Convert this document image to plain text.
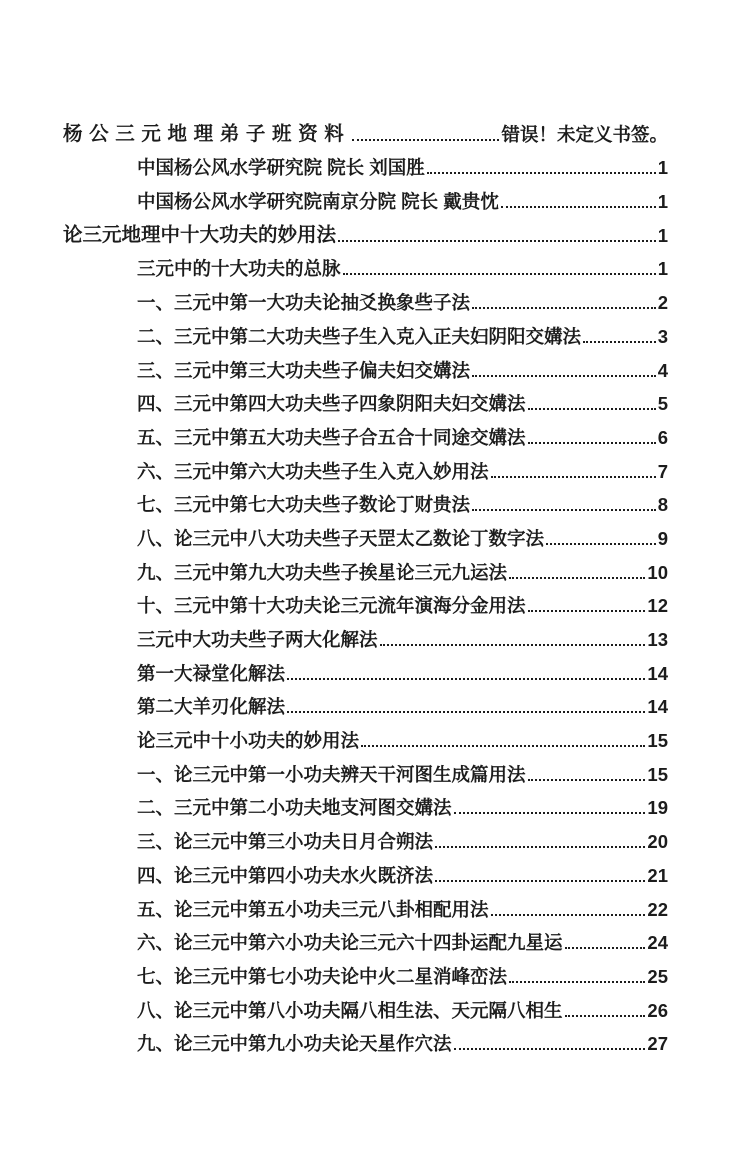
杨公三元地理弟子班资料	错误！未定义书签。
中国杨公风水学研究院 院长 刘国胜	1
中国杨公风水学研究院南京分院 院长 戴贵忱	1
论三元地理中十大功夫的妙用法	1
三元中的十大功夫的总脉	1
一、三元中第一大功夫论抽爻换象些子法	2
二、三元中第二大功夫些子生入克入正夫妇阴阳交媾法	3
三、三元中第三大功夫些子偏夫妇交媾法	4
四、三元中第四大功夫些子四象阴阳夫妇交媾法	5
五、三元中第五大功夫些子合五合十同途交媾法	6
六、三元中第六大功夫些子生入克入妙用法	7
七、三元中第七大功夫些子数论丁财贵法	8
八、论三元中八大功夫些子天罡太乙数论丁数字法	9
九、三元中第九大功夫些子挨星论三元九运法	10
十、三元中第十大功夫论三元流年演海分金用法	12
三元中大功夫些子两大化解法	13
第一大禄堂化解法	14
第二大羊刃化解法	14
论三元中十小功夫的妙用法	15
一、论三元中第一小功夫辨天干河图生成篇用法	15
二、三元中第二小功夫地支河图交媾法	19
三、论三元中第三小功夫日月合朔法	20
四、论三元中第四小功夫水火既济法	21
五、论三元中第五小功夫三元八卦相配用法	22
六、论三元中第六小功夫论三元六十四卦运配九星运	24
七、论三元中第七小功夫论中火二星消峰峦法	25
八、论三元中第八小功夫隔八相生法、天元隔八相生	26
九、论三元中第九小功夫论天星作穴法	27
